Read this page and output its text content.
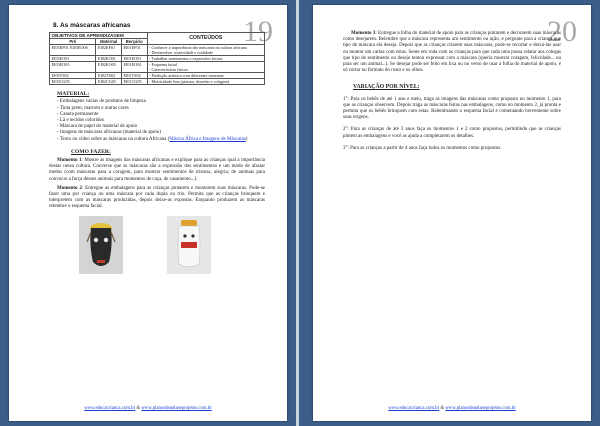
19
8. As máscaras africanas
OBJETIVOS DE APRENDIZAGEM			CONTEÚDOS
Pré	Maternal	Berçário	
EI03EF01 EI03EO06	EI02EF01	EI01EF01	- Conhecer a importância das máscaras na cultura africana
- Desenvolver criatividade e oralidade
EI03EO01	EI02EO01	EI01EO01	- Trabalhar sentimentos e expressões faciais
EI03EO05	EI02EO05	EI01EO02	- Esquema facial
- Características físicas
EI03TS02	EI02TS02	EI01TS02	- Produção artística com diferentes materiais
EI03CG05	EI02CG05	EI01CG05	- Motricidade fina (pintura, desenho e colagem)
MATERIAL:
- Embalagens vazias de produtos de limpeza
- Tinta preto, marrom e outras cores
- Caneta permanente
- Lã e tecidos coloridos
- Máscara de papel do material de apoio
- Imagens de máscaras africanas (material de apoio)
- Texto ou vídeo sobre as máscaras na cultura Africana (Música África e Imagens de Máscaras)
COMO FAZER:

Momento 1: Mostre as imagens das máscaras africanas e explique para as crianças qual a importância destas nessa cultura. Converse que as máscaras são a expressão dos sentimentos e um modo de afastar medos (com máscaras para a coragem, para mostrar sentimentos de tristeza, alegria; de animais para convocar a força desses animais para momentos de caça, de casamento...).

Momento 2: Entregue as embalagens para as crianças pintarem e montarem suas máscaras. Pode-se fazer uma por criança ou uma máscara por cada dupla ou trio. Permita que as crianças brinquem e interpretem com as máscaras produzidas, depois deixe-as expostas. Enquanto produzem as máscaras relembre o esquema facial.

www.educacrianca.com.br & www.planosdeaulaseprojetos.com.br
20

Momento 3: Entregue a folha do material de apoio para as crianças pintarem e decorarem suas máscaras como desejarem. Relembre que a máscara representa um sentimento ou ação, e pergunte para a criança que tipo de máscara ela deseja. Depois que as crianças criarem suas máscaras, pode-se recortar e deixá-las usar ou montar um cartaz com estas. Sente em roda com as crianças para que cada uma possa relatar aos colegas que tipo de sentimento ou desejo tentou expressar com a máscara (queria mostrar coragem, felicidade... ou para ser um animal...). Se desejar pode ser feito em lixa ou no verso de usar a folha do material de apoio, é só cortar no formato do rosto e os olhos.

VARIAÇÃO POR NÍVEL:

1°: Para os bebês de até 1 ano e meio, traga as imagens das máscaras como proposto no momento 1, para que as crianças observem. Depois traga as máscaras feitas nas embalagens, como no momento 2, já pronta e permita que os bebês brinquem com estas. Relembrando o esquema facial e comentando brevemente sobre suas origens.

2°: Para as crianças de até 3 anos faça os momentos 1 e 2 como propostos, permitindo que as crianças pintem as embalagens e você as ajuda a completarem os detalhes.

3°: Para as crianças a partir de 4 anos faça todos os momentos como propostos.

www.educacrianca.com.br & www.planosdeaulaseprojetos.com.br
